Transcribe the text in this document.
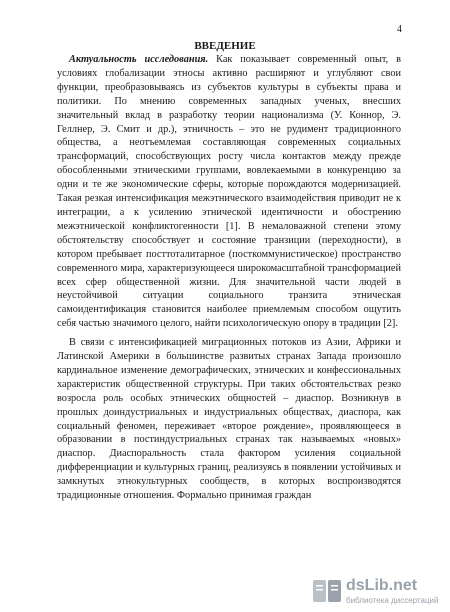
4
ВВЕДЕНИЕ

Актуальность исследования. Как показывает современный опыт, в условиях глобализации этносы активно расширяют и углубляют свои функции, преобразовываясь из субъектов культуры в субъекты права и политики. По мнению современных западных ученых, внесших значительный вклад в разработку теории национализма (У. Коннор, Э. Геллнер, Э. Смит и др.), этничность – это не рудимент традиционного общества, а неотъемлемая составляющая современных социальных трансформаций, способствующих росту числа контактов между прежде обособленными этническими группами, вовлекаемыми в конкуренцию за одни и те же экономические сферы, которые порождаются модернизацией. Такая резкая интенсификация межэтнического взаимодействия приводит не к интеграции, а к усилению этнической идентичности и обострению межэтнической конфликтогенности [1]. В немаловажной степени этому обстоятельству способствует и состояние транзиции (переходности), в котором пребывает посттоталитарное (посткоммунистическое) пространство современного мира, характеризующееся широкомасштабной трансформацией всех сфер общественной жизни. Для значительной части людей в неустойчивой ситуации социального транзита этническая самоидентификация становится наиболее приемлемым способом ощутить себя частью значимого целого, найти психологическую опору в традиции [2].

В связи с интенсификацией миграционных потоков из Азии, Африки и Латинской Америки в большинстве развитых странах Запада произошло кардинальное изменение демографических, этнических и конфессиональных характеристик общественной структуры. При таких обстоятельствах резко возросла роль особых этнических общностей – диаспор. Возникнув в прошлых доиндустриальных и индустриальных обществах, диаспора, как социальный феномен, переживает «второе рождение», проявляющееся в образовании в постиндустриальных странах так называемых «новых» диаспор. Диаспоральность стала фактором усиления социальной дифференциации и культурных границ, реализуясь в появлении устойчивых и замкнутых этнокультурных сообществ, в которых воспроизводятся традиционные отношения. Формально принимая граждан

dsLib.net
библиотека диссертаций
